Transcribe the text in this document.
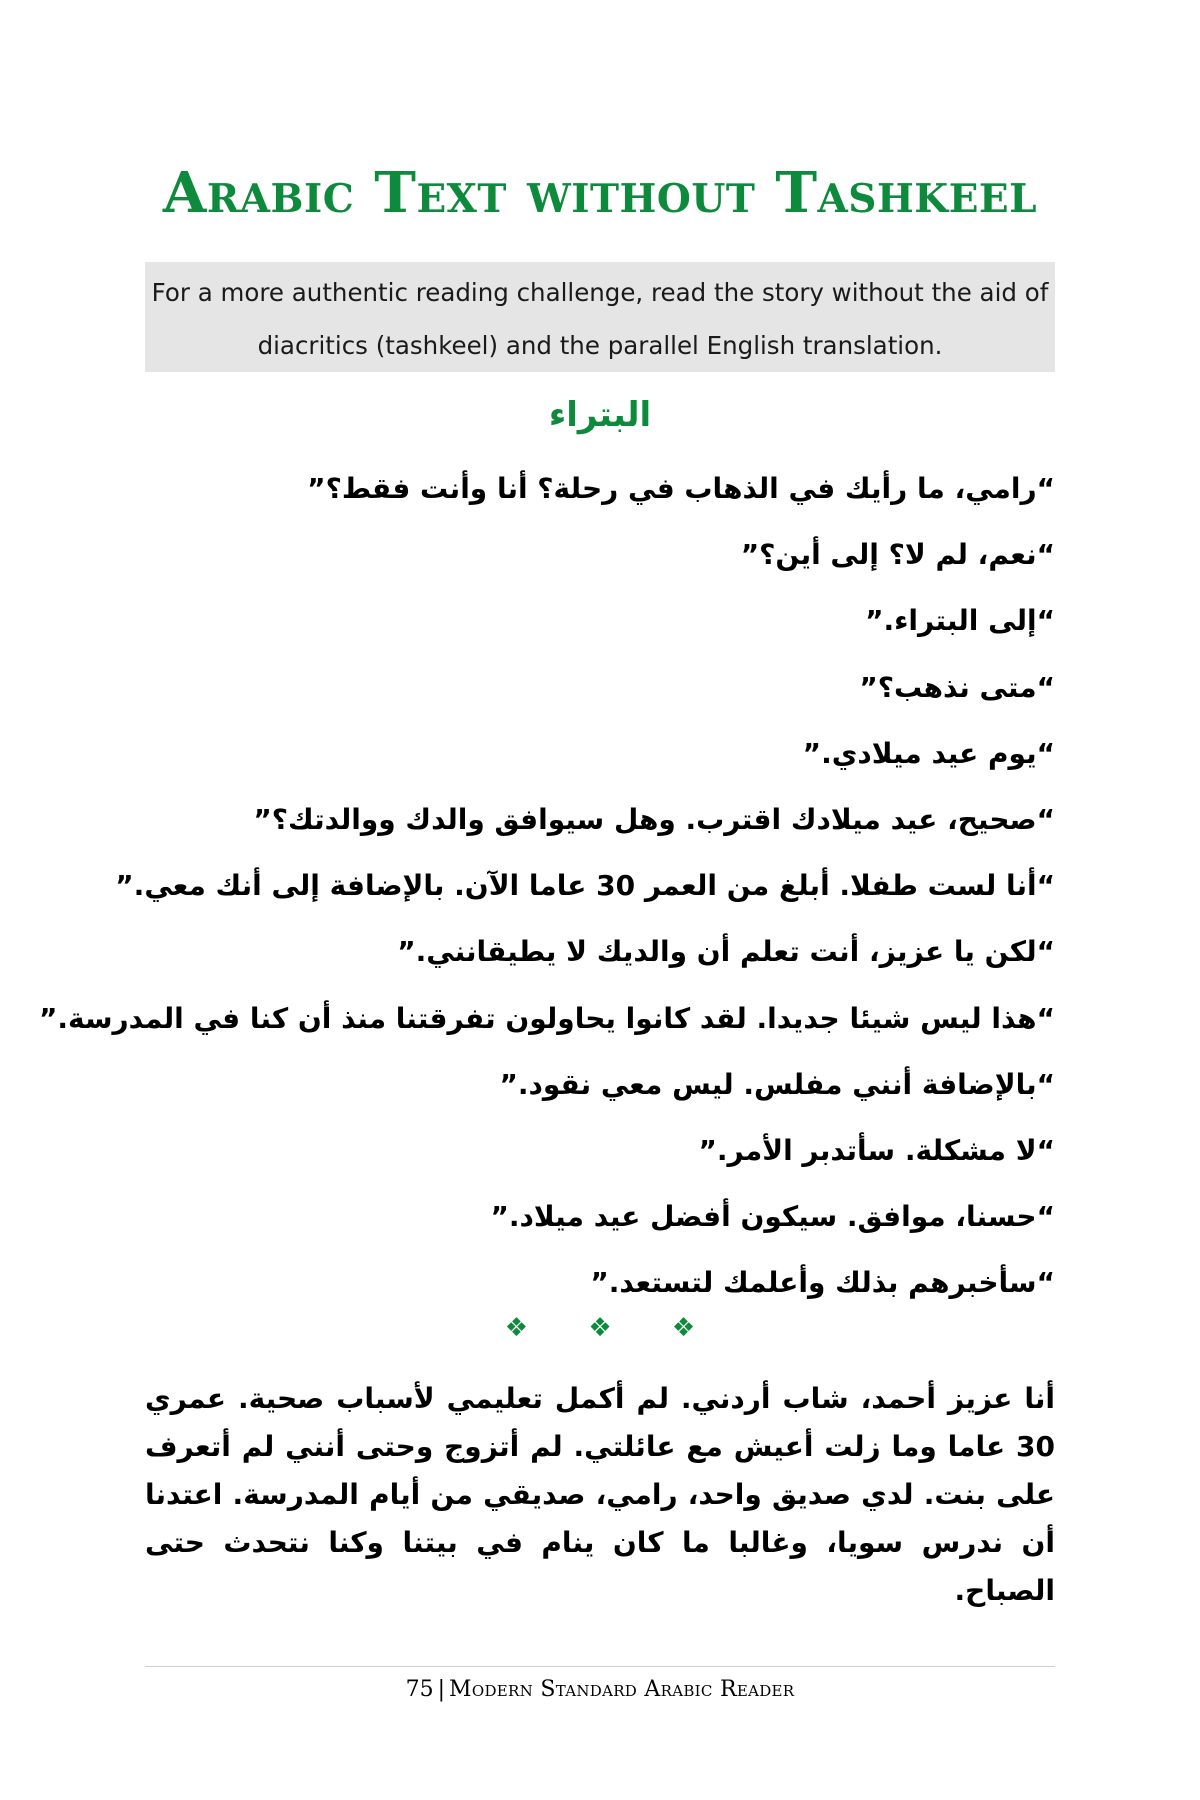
Arabic Text without Tashkeel
For a more authentic reading challenge, read the story without the aid of diacritics (tashkeel) and the parallel English translation.
البتراء
“رامي، ما رأيك في الذهاب في رحلة؟ أنا وأنت فقط؟”
“نعم، لم لا؟ إلى أين؟”
“إلى البتراء.”
“متى نذهب؟”
“يوم عيد ميلادي.”
“صحيح، عيد ميلادك اقترب. وهل سيوافق والدك ووالدتك؟”
“أنا لست طفلا. أبلغ من العمر 30 عاما الآن. بالإضافة إلى أنك معي.”
“لكن يا عزيز، أنت تعلم أن والديك لا يطيقانني.”
“هذا ليس شيئا جديدا. لقد كانوا يحاولون تفرقتنا منذ أن كنا في المدرسة.”
“بالإضافة أنني مفلس. ليس معي نقود.”
“لا مشكلة. سأتدبر الأمر.”
“حسنا، موافق. سيكون أفضل عيد ميلاد.”
“سأخبرهم بذلك وأعلمك لتستعد.”
❖ ❖ ❖

أنا عزيز أحمد، شاب أردني. لم أكمل تعليمي لأسباب صحية. عمري 30 عاما وما زلت أعيش مع عائلتي. لم أتزوج وحتى أنني لم أتعرف على بنت. لدي صديق واحد، رامي، صديقي من أيام المدرسة. اعتدنا أن ندرس سويا، وغالبا ما كان ينام في بيتنا وكنا نتحدث حتى الصباح.

75 | Modern Standard Arabic Reader
